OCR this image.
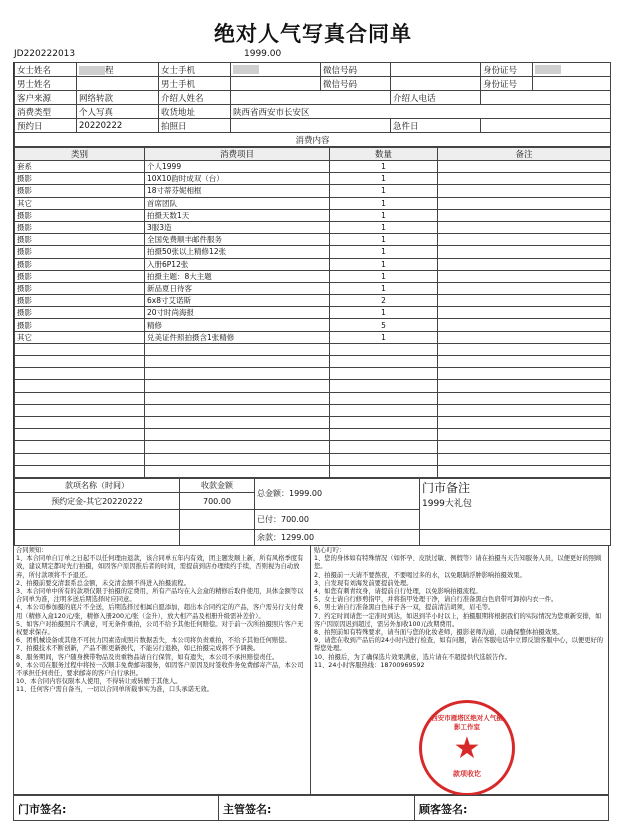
绝对人气写真合同单
JD220222013	1999.00
女士姓名	程	女士手机		微信号码		身份证号	
男士姓名		男士手机		微信号码		身份证号	
客户来源	网络转款	介绍人姓名			介绍人电话		
消费类型	个人写真	收货地址	陕西省西安市长安区				
预约日	20220222	拍照日			急件日		
消费内容							
类别	消费项目	数量	备注
套系	个人1999	1	
摄影	10X10韵时成双（台）	1	
摄影	18寸蒂芬妮相框	1	
其它	首席团队	1	
摄影	拍摄天数1天	1	
摄影	3服3造	1	
摄影	全国免费顺丰邮件服务	1	
摄影	拍摄50张以上精修12张	1	
摄影	入册6P12张	1	
摄影	拍摄主题：8大主题	1	
摄影	新品夏日待客	1	
摄影	6x8寸艾诺斯	2	
摄影	20寸时尚海报	1	
摄影	精修	5	
其它	兑美证件照拍摄含1张精修	1	

款项名称（时间）	收款金额	总金额：1999.00	门市备注
1999大礼包

预约定金-其它20220222	700.00		
		已付：700.00	
		余款：1299.00	

合同须知：

1、本合同单自订单之日起不以任何理由退款，该合同单五年内有效，团主题发顺上新，所有风格季度有效，建议期定都时先行拍摄，如因客户原因推后者的时间，需提前到店办理续约手续，否则视为自动放弃，所付款项将不予退还。

2、拍摄前要交清套系总金额，未交清金额不得进入拍摄流程。

3、本合同单中所有的款项仅限于拍摄的定费用，所有产品均在入会盒的精修后取件使用，具体金额等以合同单为准，注明多送后期选择时应同意。

4、本公司参加摄的底片不全送，后期选择过相属自愿添加，超出本合同约定的产品，客户需另行支付费用（精修入盒120元/张，精修入册200元/张（金升），放大相产品及相册升级需补差价）。

5、如客户对拍摄照片不满意，可无条件重拍，公司不给予其他任何赔偿。对于前一次所拍摄照片客户无权要求保存。

6、团机械设备或其他不可抗力因素造成照片数据丢失，本公司将负责重拍，不给予其他任何赔偿。

7、拍摄技术不断创新，产品不断更新换代，不能另行退换，如已拍摄完成将不予调换。

8、服务期间，客户随身携带物品及贵重物品请自行保管，如有遗失，本公司不承担赔偿责任。

9、本公司在服务过程中将按一次顺丰免费邮寄服务，如因客户原因及时签收件务免费邮寄产品，本公司不承担任何责任，要求邮寄的客户自行承担。

10、本合同内容仅限本人使用，不得转让或转赠于其他人。

11、任何客户需自备当，一切以合同单所载事实为准，口头承诺无效。

贴心叮咛：

1、您的身体如有特殊情况（如怀孕、皮肤过敏、例假等）请在拍摄当天告知服务人员，以便更好的照顾您。

2、拍摄前一天请不要熬夜，不要喝过多的水，以免眼睛浮肿影响拍摄效果。

3、自发现有刘海发前要提前处理。

4、如您有刺青纹身，请提前自行处理，以免影响拍摄流程。

5、女士请自行修剪指甲，并将指甲处理干净，请自行准备黑白色肩带可卸掉内衣一件。

6、男士请自行准备黑白色袜子各一双，提前清洁胡须，眉毛等。

7、约定时间请您一定准时到达，如迟到半小时以上，拍摄服期将根据我们的实际情况为您重新安排，如客户因原因迟到超过，需另外加收100元改期费用。

8、拍照前如有特殊要求，请当面与您的化妆老师，摄影老师沟通，以确保整体拍摄效果。

9、请您在收到产品后的24小时内进行检查，如有问题，请在客服电话中立即反馈客服中心，以便更好的帮您处理。

10、拍摄后，为了确保选片效果满意，选片请在不超提供代选版告作。

11、24小时客服热线：18700969592

西安市雁塔区绝对人气摄影工作室
★
款项收讫
门市签名:	主管签名:	顾客签名:
